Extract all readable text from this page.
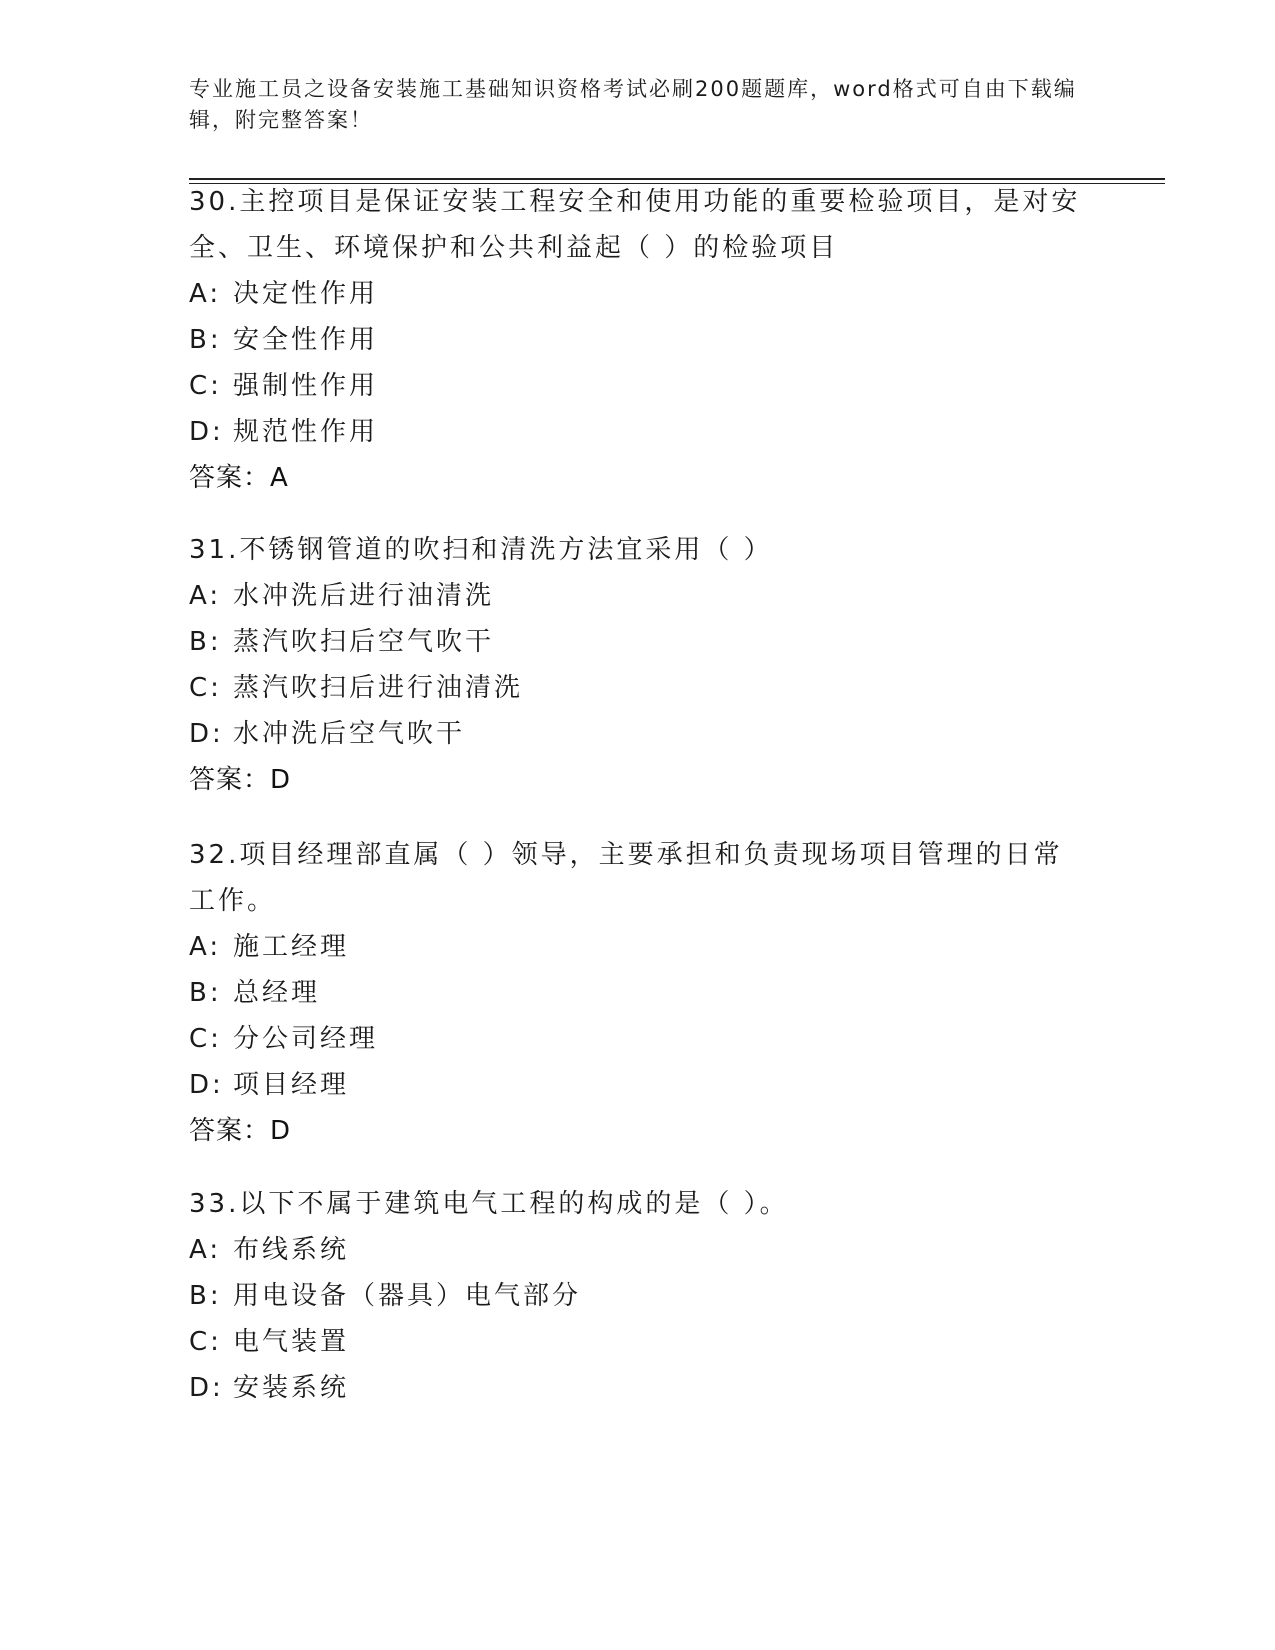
专业施工员之设备安装施工基础知识资格考试必刷200题题库，word格式可自由下载编辑，附完整答案！
30.主控项目是保证安装工程安全和使用功能的重要检验项目，是对安全、卫生、环境保护和公共利益起（ ）的检验项目
A: 决定性作用
B: 安全性作用
C: 强制性作用
D: 规范性作用
答案：A
31.不锈钢管道的吹扫和清洗方法宜采用（ ）
A: 水冲洗后进行油清洗
B: 蒸汽吹扫后空气吹干
C: 蒸汽吹扫后进行油清洗
D: 水冲洗后空气吹干
答案：D
32.项目经理部直属（ ）领导，主要承担和负责现场项目管理的日常工作。
A: 施工经理
B: 总经理
C: 分公司经理
D: 项目经理
答案：D
33.以下不属于建筑电气工程的构成的是（ ）。
A: 布线系统
B: 用电设备（器具）电气部分
C: 电气装置
D: 安装系统
